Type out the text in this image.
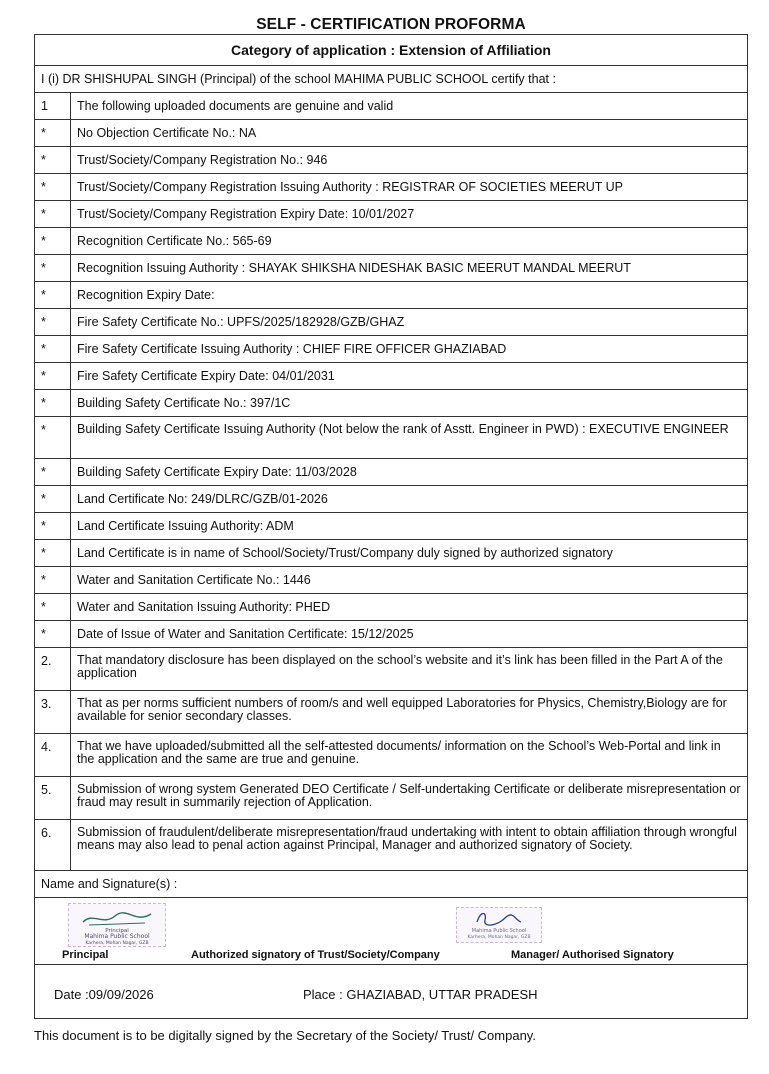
SELF - CERTIFICATION PROFORMA
Category of application : Extension of Affiliation
I (i) DR SHISHUPAL SINGH (Principal) of the school MAHIMA PUBLIC SCHOOL certify that :
1	The following uploaded documents are genuine and valid
*	No Objection Certificate No.: NA
*	Trust/Society/Company Registration No.: 946
*	Trust/Society/Company Registration Issuing Authority : REGISTRAR OF SOCIETIES MEERUT UP
*	Trust/Society/Company Registration Expiry Date: 10/01/2027
*	Recognition Certificate No.: 565-69
*	Recognition Issuing Authority : SHAYAK SHIKSHA NIDESHAK BASIC MEERUT MANDAL MEERUT
*	Recognition Expiry Date:
*	Fire Safety Certificate No.: UPFS/2025/182928/GZB/GHAZ
*	Fire Safety Certificate Issuing Authority : CHIEF FIRE OFFICER GHAZIABAD
*	Fire Safety Certificate Expiry Date: 04/01/2031
*	Building Safety Certificate No.: 397/1C
*	Building Safety Certificate Issuing Authority (Not below the rank of Asstt. Engineer in PWD) : EXECUTIVE ENGINEER
*	Building Safety Certificate Expiry Date: 11/03/2028
*	Land Certificate No: 249/DLRC/GZB/01-2026
*	Land Certificate Issuing Authority: ADM
*	Land Certificate is in name of School/Society/Trust/Company duly signed by authorized signatory
*	Water and Sanitation Certificate No.: 1446
*	Water and Sanitation Issuing Authority: PHED
*	Date of Issue of Water and Sanitation Certificate: 15/12/2025
2.	That mandatory disclosure has been displayed on the school’s website and it’s link has been filled in the Part A of the application
3.	That as per norms sufficient numbers of room/s and well equipped Laboratories for Physics, Chemistry,Biology are for available for senior secondary classes.
4.	That we have uploaded/submitted all the self-attested documents/ information on the School’s Web-Portal and link in the application and the same are true and genuine.
5.	Submission of wrong system Generated DEO Certificate / Self-undertaking Certificate or deliberate misrepresentation or fraud may result in summarily rejection of Application.
6.	Submission of fraudulent/deliberate misrepresentation/fraud undertaking with intent to obtain affiliation through wrongful means may also lead to penal action against Principal, Manager and authorized signatory of Society.
Name and Signature(s) :
Principal
Mahima Public School
Karhera, Mohan Nagar, GZB
Mahima Public School
Karhera, Mohan Nagar, GZB
Principal	Authorized signatory of Trust/Society/Company	Manager/ Authorised Signatory
Date :09/09/2026	Place : GHAZIABAD, UTTAR PRADESH
This document is to be digitally signed by the Secretary of the Society/ Trust/ Company.
